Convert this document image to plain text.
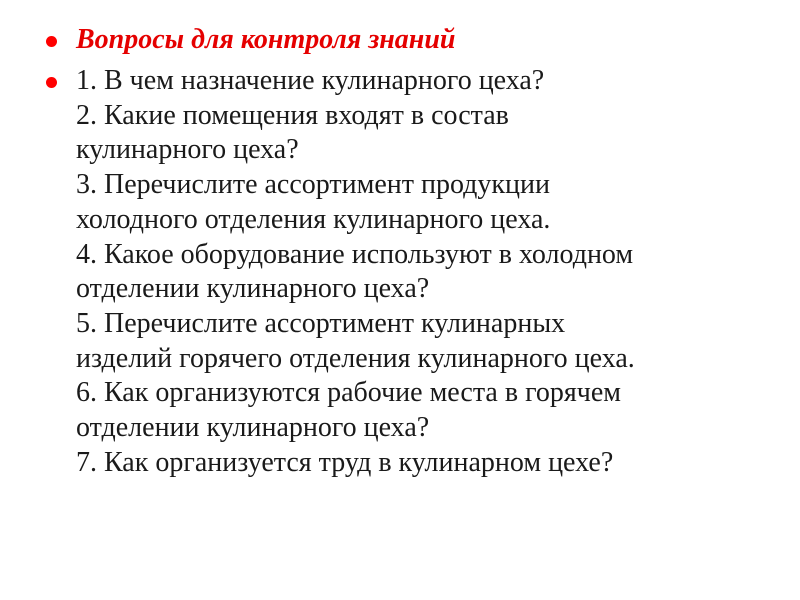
Вопросы для контроля знаний
1. В чем назначение кулинарного цеха?
2. Какие помещения входят в состав
кулинарного цеха?
3. Перечислите ассортимент продукции
холодного отделения кулинарного цеха.
4. Какое оборудование используют в холодном
отделении кулинарного цеха?
5. Перечислите ассортимент кулинарных
изделий горячего отделения кулинарного цеха.
6. Как организуются рабочие места в горячем
отделении кулинарного цеха?
7. Как организуется труд в кулинарном цехе?
